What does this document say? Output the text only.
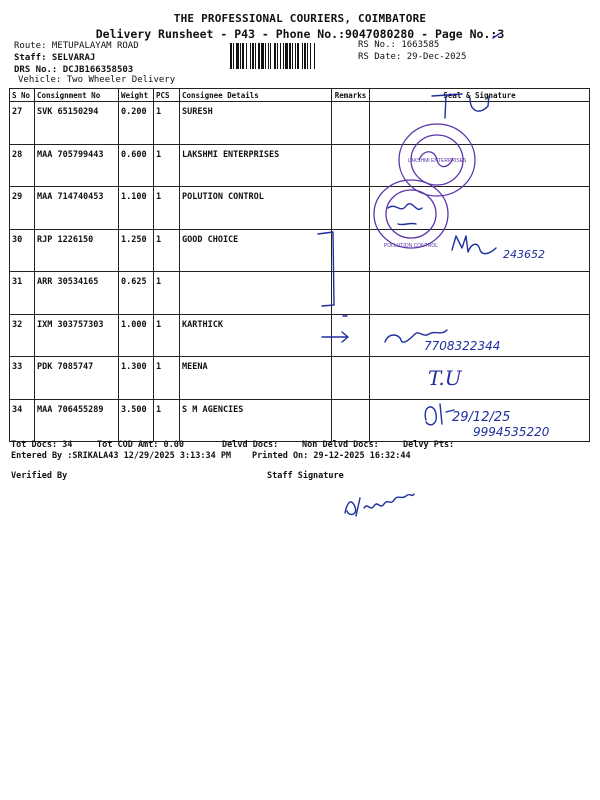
THE PROFESSIONAL COURIERS, COIMBATORE
Delivery Runsheet - P43 - Phone No.:9047080280 - Page No.:3
Route: METUPALAYAM ROAD
Staff: SELVARAJ
DRS No.: DCJB166358503
Vehicle: Two Wheeler Delivery
RS No.: 1663585
RS Date: 29-Dec-2025
S No	Consignment No	Weight	PCS	Consignee Details	Remarks	Seal & Signature
27	SVK 65150294	0.200	1	SURESH		
28	MAA 705799443	0.600	1	LAKSHMI ENTERPRISES		
29	MAA 714740453	1.100	1	POLUTION CONTROL		
30	RJP 1226150	1.250	1	GOOD CHOICE		
31	ARR 30534165	0.625	1			
32	IXM 303757303	1.000	1	KARTHICK		
33	PDK 7085747	1.300	1	MEENA		
34	MAA 706455289	3.500	1	S M AGENCIES		
Tot Docs: 34	Tot COD Amt: 0.00	Delvd Docs:	Non Delvd Docs:	Delvy Pts:
Entered By :SRIKALA43 12/29/2025 3:13:34 PM Printed On: 29-12-2025 16:32:44
Verified By	Staff Signature
LAKSHMI ENTERPRISES
POLLUTION CONTROL
243652
7708322344
T.U
29/12/25
9994535220
